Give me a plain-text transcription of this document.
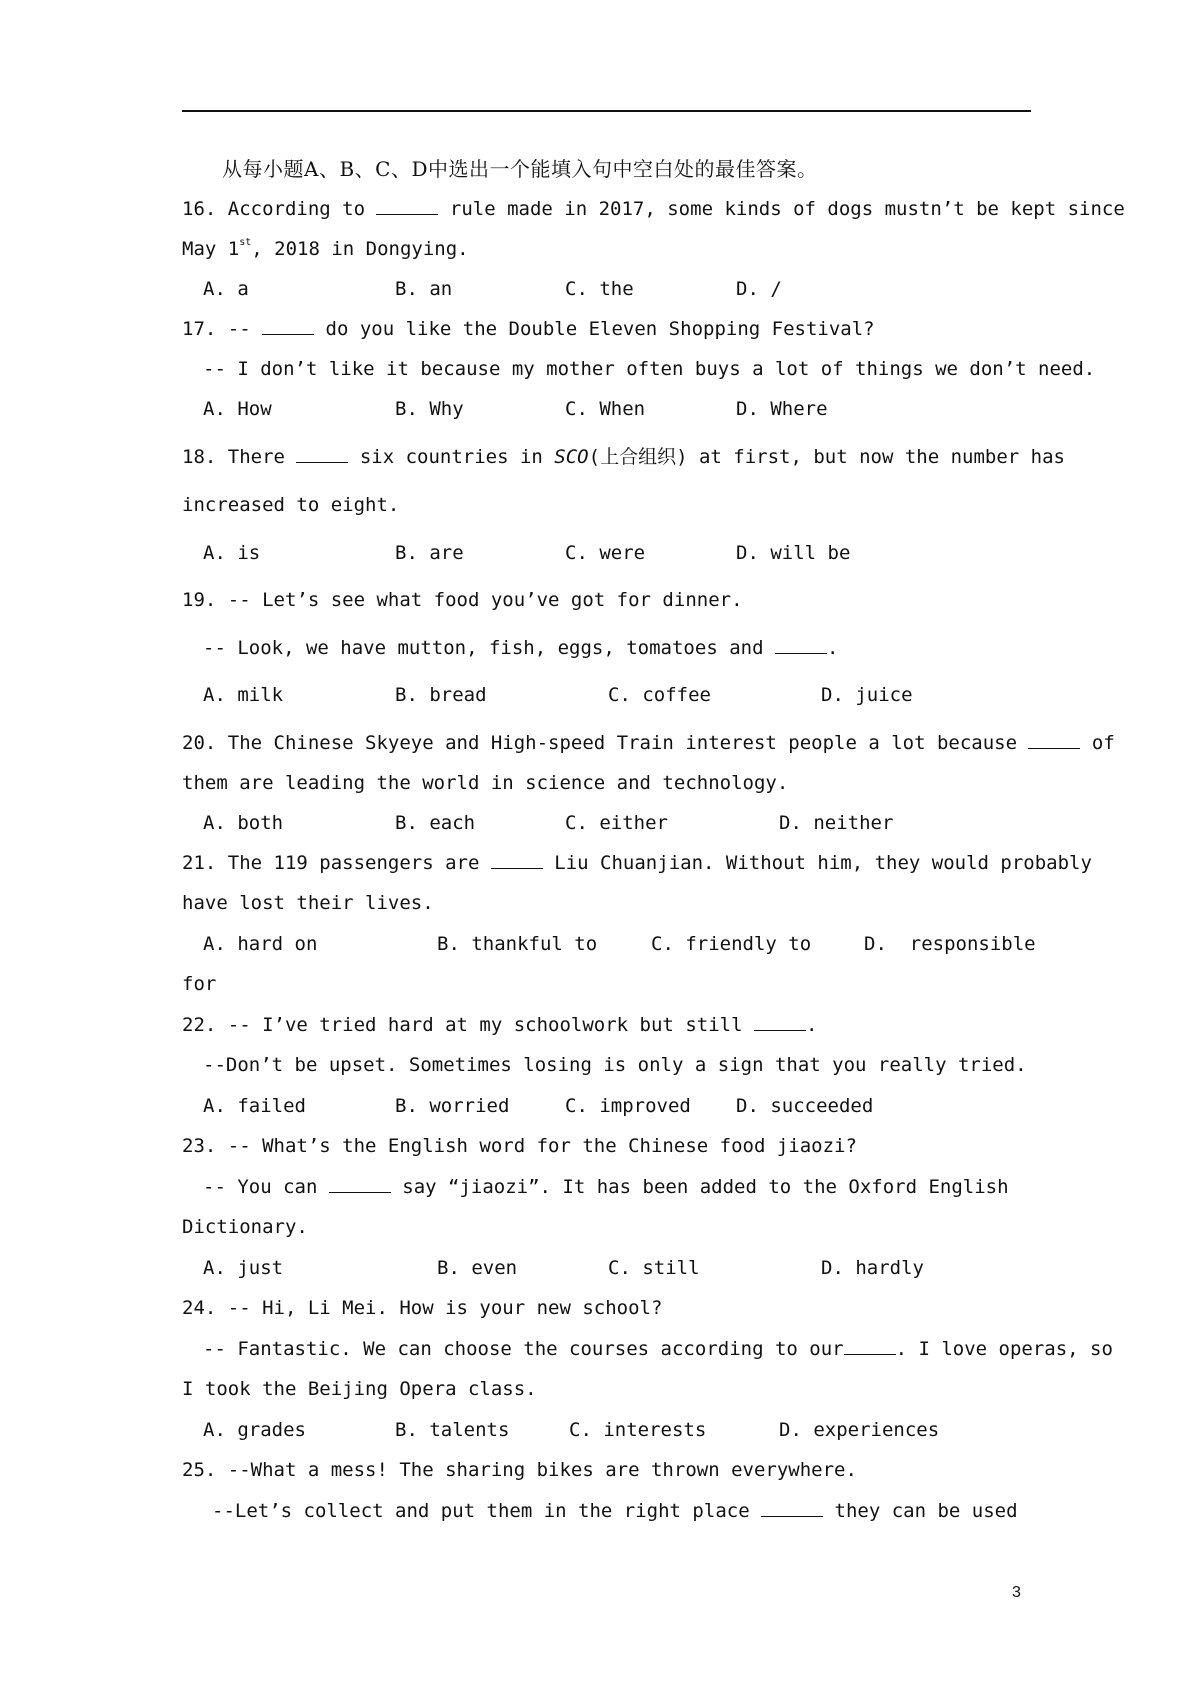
从每小题A、B、C、D中选出一个能填入句中空白处的最佳答案。
16. According to	rule made in 2017, some kinds of dogs mustn’t be kept since
May 1st, 2018 in Dongying.
A. a	B. an	C. the	D. /
17. --	do you like the Double Eleven Shopping Festival?
-- I don’t like it because my mother often buys a lot of things we don’t need.
A. How	B. Why	C. When	D. Where
18. There	six countries in SCO(上合组织) at first, but now the number has
increased to eight.
A. is	B. are	C. were	D. will be
19. -- Let’s see what food you’ve got for dinner.
-- Look, we have mutton, fish, eggs, tomatoes and	.
A. milk	B. bread	C. coffee	D. juice
20. The Chinese Skyeye and High-speed Train interest people a lot because	of
them are leading the world in science and technology.
A. both	B. each	C. either	D. neither
21. The 119 passengers are	Liu Chuanjian. Without him, they would probably
have lost their lives.
A. hard on	B. thankful to	C. friendly to	D.  responsible
for
22. -- I’ve tried hard at my schoolwork but still	.
--Don’t be upset. Sometimes losing is only a sign that you really tried.
A. failed	B. worried	C. improved D. succeeded
23. -- What’s the English word for the Chinese food jiaozi?
-- You can	say “jiaozi”. It has been added to the Oxford English
Dictionary.
A. just	B. even	C. still	D. hardly
24. -- Hi, Li Mei. How is your new school?
-- Fantastic. We can choose the courses according to our	. I love operas, so
I took the Beijing Opera class.
A. grades	B. talents	C. interests	D. experiences
25. --What a mess! The sharing bikes are thrown everywhere.
--Let’s collect and put them in the right place	they can be used
3
